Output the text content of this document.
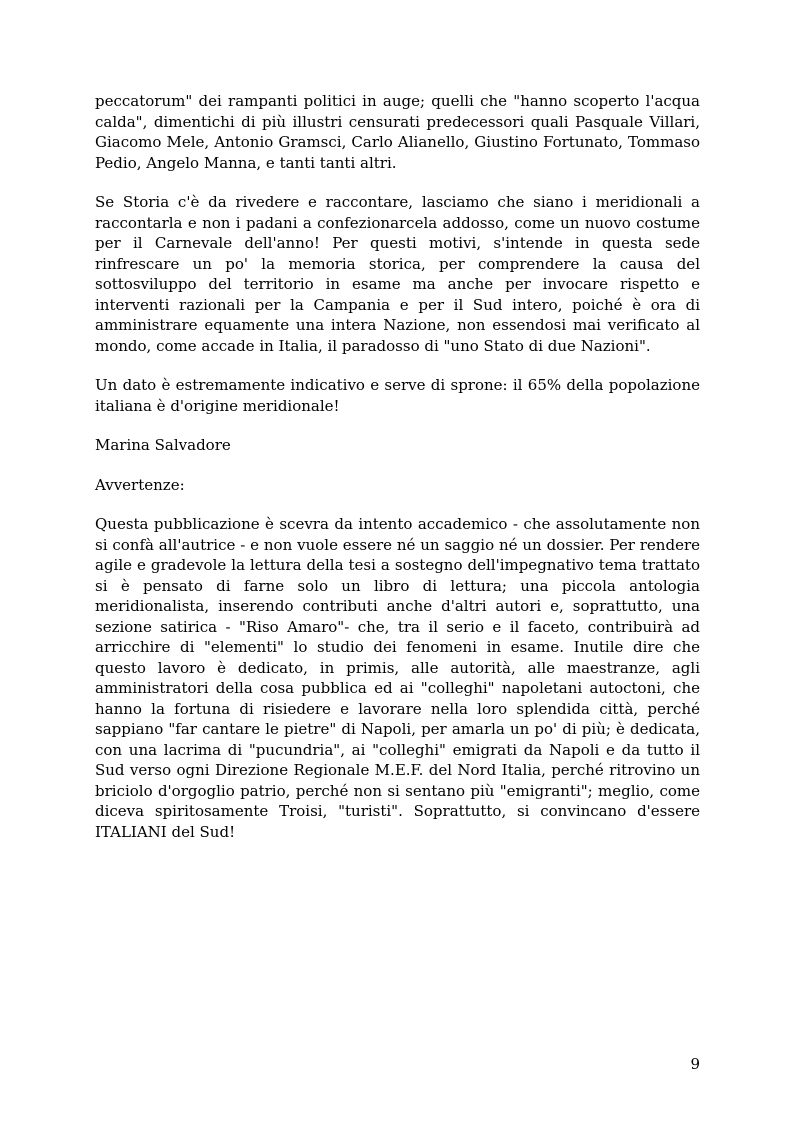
peccatorum" dei rampanti politici in auge; quelli che "hanno scoperto l'acqua calda", dimentichi di più illustri censurati predecessori quali Pasquale Villari, Giacomo Mele, Antonio Gramsci, Carlo Alianello, Giustino Fortunato, Tommaso Pedio, Angelo Manna, e tanti tanti altri.

Se Storia c'è da rivedere e raccontare, lasciamo che siano i meridionali a raccontarla e non i padani a confezionarcela addosso, come un nuovo costume per il Carnevale dell'anno! Per questi motivi, s'intende in questa sede rinfrescare un po' la memoria storica, per comprendere la causa del sottosviluppo del territorio in esame ma anche per invocare rispetto e interventi razionali per la Campania e per il Sud intero, poiché è ora di amministrare equamente una intera Nazione, non essendosi mai verificato al mondo, come accade in Italia, il paradosso di "uno Stato di due Nazioni".

Un dato è estremamente indicativo e serve di sprone: il 65% della popolazione italiana è d'origine meridionale!

Marina Salvadore

Avvertenze:

Questa pubblicazione è scevra da intento accademico - che assolutamente non si confà all'autrice - e non vuole essere né un saggio né un dossier. Per rendere agile e gradevole la lettura della tesi a sostegno dell'impegnativo tema trattato si è pensato di farne solo un libro di lettura; una piccola antologia meridionalista, inserendo contributi anche d'altri autori e, soprattutto, una sezione satirica - "Riso Amaro"- che, tra il serio e il faceto, contribuirà ad arricchire di "elementi" lo studio dei fenomeni in esame. Inutile dire che questo lavoro è dedicato, in primis, alle autorità, alle maestranze, agli amministratori della cosa pubblica ed ai "colleghi" napoletani autoctoni, che hanno la fortuna di risiedere e lavorare nella loro splendida città, perché sappiano "far cantare le pietre" di Napoli, per amarla un po' di più; è dedicata, con una lacrima di "pucundria", ai "colleghi" emigrati da Napoli e da tutto il Sud verso ogni Direzione Regionale M.E.F. del Nord Italia, perché ritrovino un briciolo d'orgoglio patrio, perché non si sentano più "emigranti"; meglio, come diceva spiritosamente Troisi, "turisti". Soprattutto, si convincano d'essere ITALIANI del Sud!

9
